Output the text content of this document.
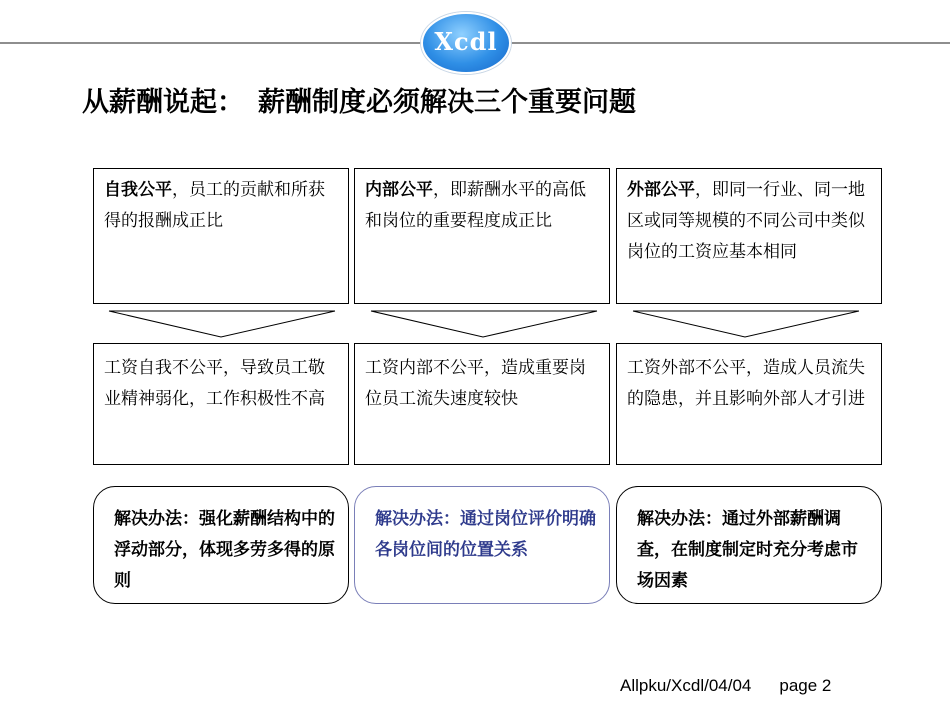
Xcdl
从薪酬说起： 薪酬制度必须解决三个重要问题
自我公平，员工的贡献和所获得的报酬成正比
内部公平，即薪酬水平的高低和岗位的重要程度成正比
外部公平，即同一行业、同一地区或同等规模的不同公司中类似岗位的工资应基本相同
工资自我不公平，导致员工敬业精神弱化，工作积极性不高
工资内部不公平，造成重要岗位员工流失速度较快
工资外部不公平，造成人员流失的隐患，并且影响外部人才引进
解决办法：强化薪酬结构中的浮动部分，体现多劳多得的原则
解决办法：通过岗位评价明确各岗位间的位置关系
解决办法：通过外部薪酬调查，在制度制定时充分考虑市场因素
Allpku/Xcdl/04/04 page 2
